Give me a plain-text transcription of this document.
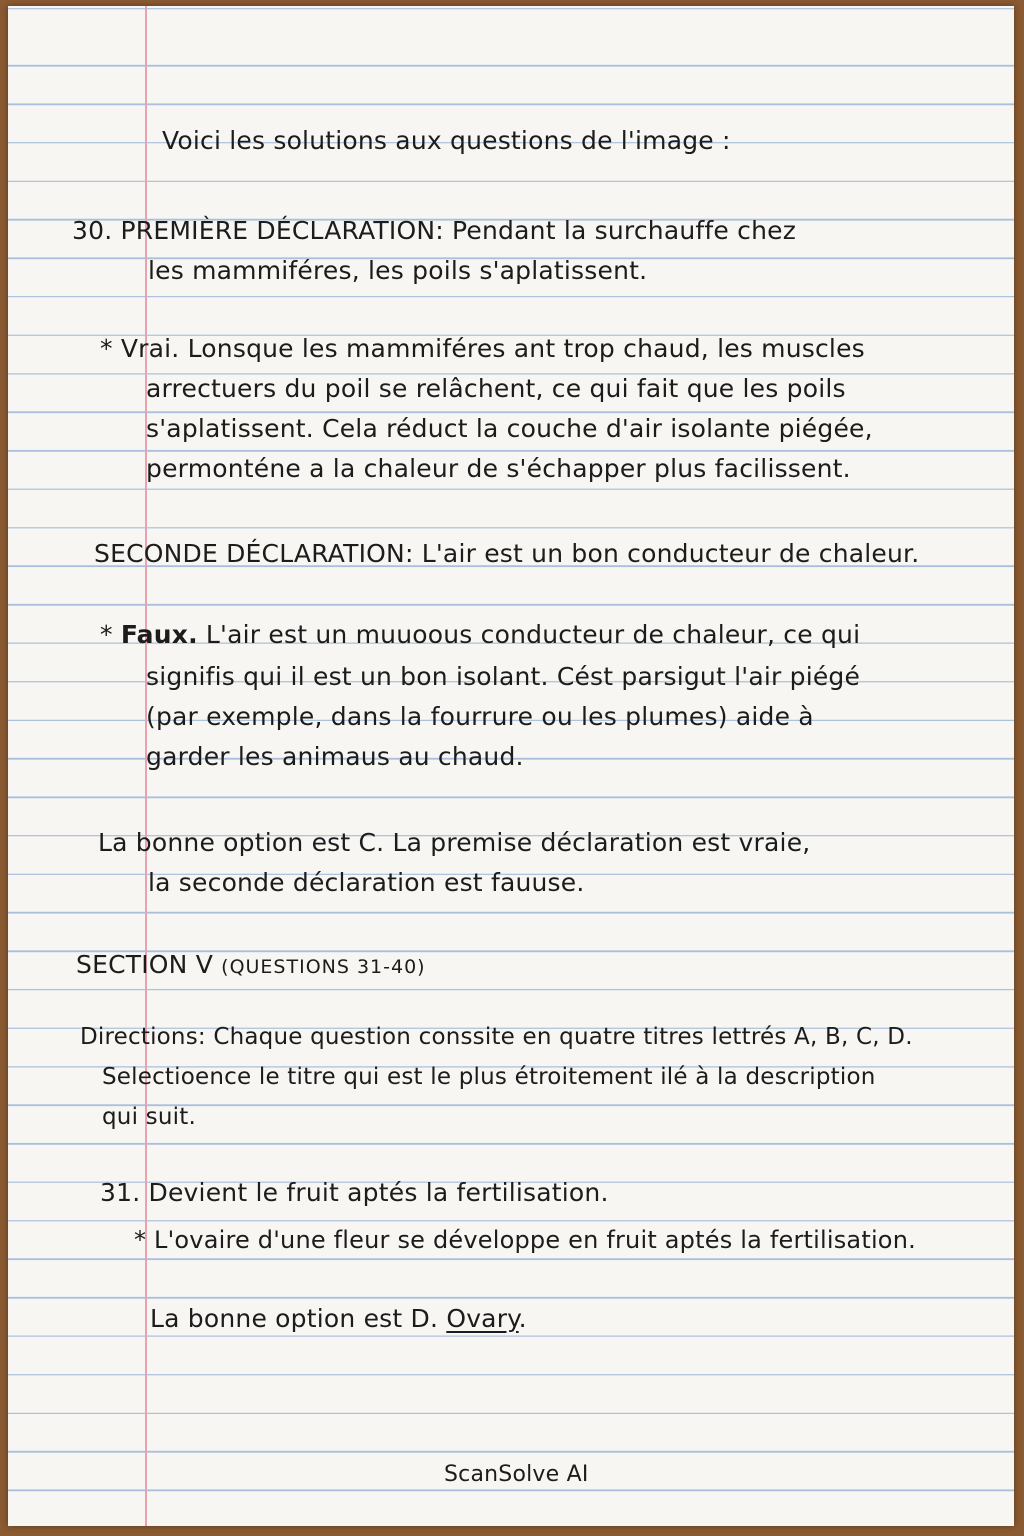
Voici les solutions aux questions de l'image :
30. PREMIÈRE DÉCLARATION: Pendant la surchauffe chez
les mammiféres, les poils s'aplatissent.
* Vrai. Lonsque les mammiféres ant trop chaud, les muscles
arrectuers du poil se relâchent, ce qui fait que les poils
s'aplatissent. Cela réduct la couche d'air isolante piégée,
permonténe a la chaleur de s'échapper plus facilissent.
SECONDE DÉCLARATION: L'air est un bon conducteur de chaleur.
* Faux. L'air est un muuoous conducteur de chaleur, ce qui
signifis qui il est un bon isolant. Cést parsigut l'air piégé
(par exemple, dans la fourrure ou les plumes) aide à
garder les animaus au chaud.
La bonne option est C. La premise déclaration est vraie,
la seconde déclaration est fauuse.
SECTION V (QUESTIONS 31-40)
Directions: Chaque question conssite en quatre titres lettrés A, B, C, D.
Selectioence le titre qui est le plus étroitement ilé à la description
qui suit.
31. Devient le fruit aptés la fertilisation.
* L'ovaire d'une fleur se développe en fruit aptés la fertilisation.
La bonne option est D. Ovary.
ScanSolve AI
